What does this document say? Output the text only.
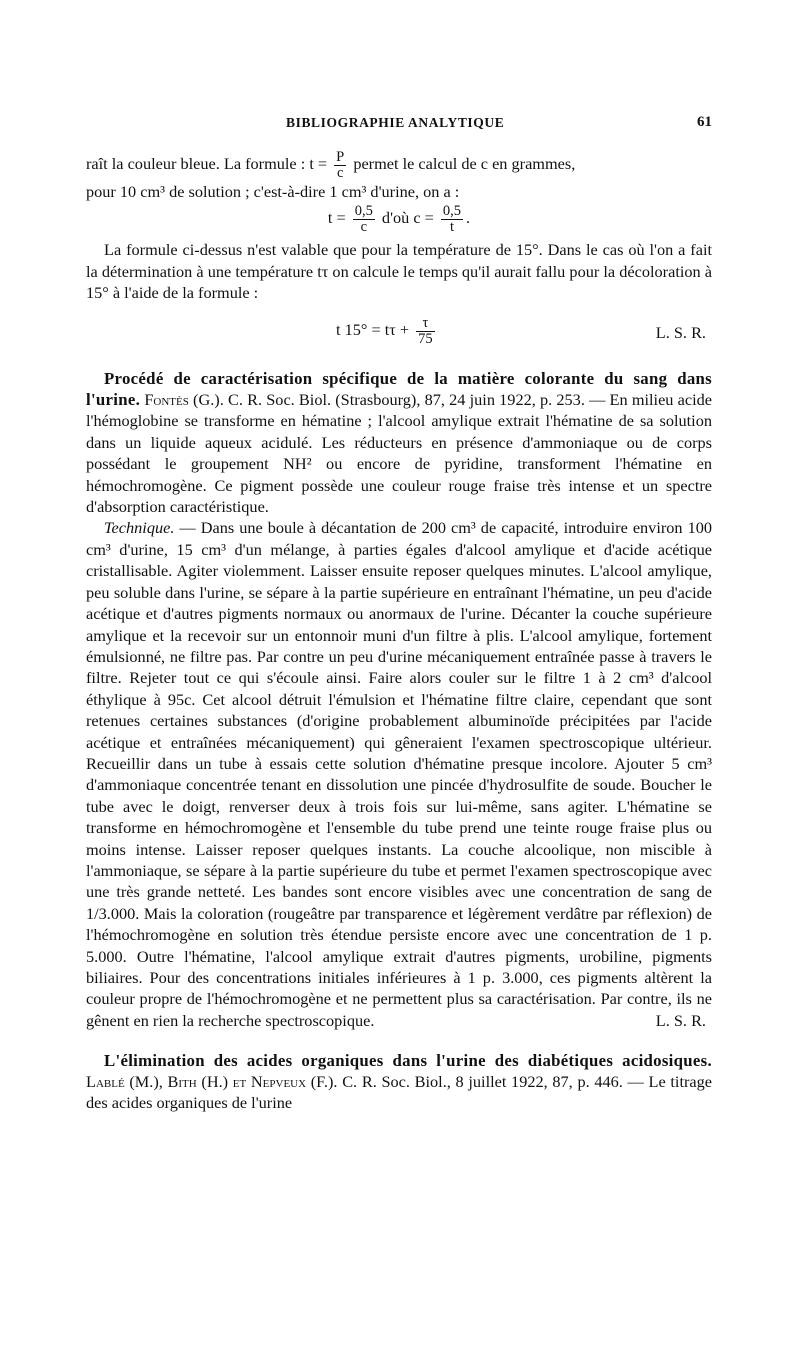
BIBLIOGRAPHIE ANALYTIQUE	61

raît la couleur bleue. La formule : $t = \frac{P}{c}$ permet le calcul de c en grammes,

pour 10 cm³ de solution ; c'est-à-dire 1 cm³ d'urine, on a :

$t = \frac{0,5}{c}$ d'où $c = \frac{0,5}{t}$ .

La formule ci-dessus n'est valable que pour la température de 15°. Dans le cas où l'on a fait la détermination à une température tτ on calcule le temps qu'il aurait fallu pour la décoloration à 15° à l'aide de la formule :

t $15^\circ = t\tau + \frac{\tau}{75}$	L. S. R.

Procédé de caractérisation spécifique de la matière colorante du sang dans l'urine. Fontès (G.). C. R. Soc. Biol. (Strasbourg), 87, 24 juin 1922, p. 253. — En milieu acide l'hémoglobine se transforme en hématine ; l'alcool amylique extrait l'hématine de sa solution dans un liquide aqueux acidulé. Les réducteurs en présence d'ammoniaque ou de corps possédant le groupement NH² ou encore de pyridine, transforment l'hématine en hémochromogène. Ce pigment possède une couleur rouge fraise très intense et un spectre d'absorption caractéristique.

Technique. — Dans une boule à décantation de 200 cm³ de capacité, introduire environ 100 cm³ d'urine, 15 cm³ d'un mélange, à parties égales d'alcool amylique et d'acide acétique cristallisable. Agiter violemment. Laisser ensuite reposer quelques minutes. L'alcool amylique, peu soluble dans l'urine, se sépare à la partie supérieure en entraînant l'hématine, un peu d'acide acétique et d'autres pigments normaux ou anormaux de l'urine. Décanter la couche supérieure amylique et la recevoir sur un entonnoir muni d'un filtre à plis. L'alcool amylique, fortement émulsionné, ne filtre pas. Par contre un peu d'urine mécaniquement entraînée passe à travers le filtre. Rejeter tout ce qui s'écoule ainsi. Faire alors couler sur le filtre 1 à 2 cm³ d'alcool éthylique à 95c. Cet alcool détruit l'émulsion et l'hématine filtre claire, cependant que sont retenues certaines substances (d'origine probablement albuminoïde précipitées par l'acide acétique et entraînées mécaniquement) qui gêneraient l'examen spectroscopique ultérieur. Recueillir dans un tube à essais cette solution d'hématine presque incolore. Ajouter 5 cm³ d'ammoniaque concentrée tenant en dissolution une pincée d'hydrosulfite de soude. Boucher le tube avec le doigt, renverser deux à trois fois sur lui-même, sans agiter. L'hématine se transforme en hémochromogène et l'ensemble du tube prend une teinte rouge fraise plus ou moins intense. Laisser reposer quelques instants. La couche alcoolique, non miscible à l'ammoniaque, se sépare à la partie supérieure du tube et permet l'examen spectroscopique avec une très grande netteté. Les bandes sont encore visibles avec une concentration de sang de 1/3.000. Mais la coloration (rougeâtre par transparence et légèrement verdâtre par réflexion) de l'hémochromogène en solution très étendue persiste encore avec une concentration de 1 p. 5.000. Outre l'hématine, l'alcool amylique extrait d'autres pigments, urobiline, pigments biliaires. Pour des concentrations initiales inférieures à 1 p. 3.000, ces pigments altèrent la couleur propre de l'hémochromogène et ne permettent plus sa caractérisation. Par contre, ils ne gênent en rien la recherche spectroscopique.	L. S. R.

L'élimination des acides organiques dans l'urine des diabétiques acidosiques. Lablé (M.), Bith (H.) et Nepveux (F.). C. R. Soc. Biol., 8 juillet 1922, 87, p. 446. — Le titrage des acides organiques de l'urine
